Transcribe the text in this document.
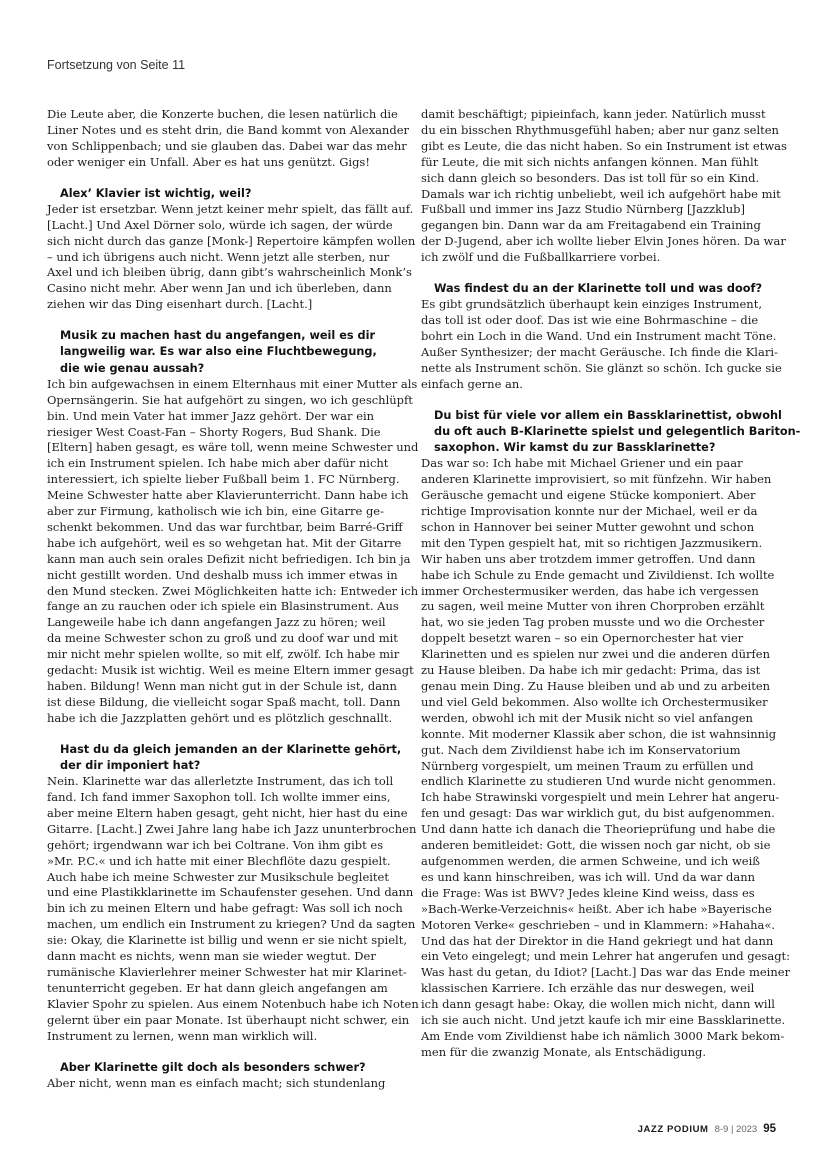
Fortsetzung von Seite 11
Die Leute aber, die Konzerte buchen, die lesen natürlich die
Liner Notes und es steht drin, die Band kommt von Alexander
von Schlippenbach; und sie glauben das. Dabei war das mehr
oder weniger ein Unfall. Aber es hat uns genützt. Gigs!
Alex’ Klavier ist wichtig, weil?
Jeder ist ersetzbar. Wenn jetzt keiner mehr spielt, das fällt auf.
[Lacht.] Und Axel Dörner solo, würde ich sagen, der würde
sich nicht durch das ganze [Monk-] Repertoire kämpfen wollen
– und ich übrigens auch nicht. Wenn jetzt alle sterben, nur
Axel und ich bleiben übrig, dann gibt’s wahrscheinlich Monk’s
Casino nicht mehr. Aber wenn Jan und ich überleben, dann
ziehen wir das Ding eisenhart durch. [Lacht.]
Musik zu machen hast du angefangen, weil es dir
langweilig war. Es war also eine Fluchtbewegung,
die wie genau aussah?
Ich bin aufgewachsen in einem Elternhaus mit einer Mutter als
Opernsängerin. Sie hat aufgehört zu singen, wo ich geschlüpft
bin. Und mein Vater hat immer Jazz gehört. Der war ein
riesiger West Coast-Fan – Shorty Rogers, Bud Shank. Die
[Eltern] haben gesagt, es wäre toll, wenn meine Schwester und
ich ein Instrument spielen. Ich habe mich aber dafür nicht
interessiert, ich spielte lieber Fußball beim 1. FC Nürnberg.
Meine Schwester hatte aber Klavierunterricht. Dann habe ich
aber zur Firmung, katholisch wie ich bin, eine Gitarre ge-
schenkt bekommen. Und das war furchtbar, beim Barré-Griff
habe ich aufgehört, weil es so wehgetan hat. Mit der Gitarre
kann man auch sein orales Defizit nicht befriedigen. Ich bin ja
nicht gestillt worden. Und deshalb muss ich immer etwas in
den Mund stecken. Zwei Möglichkeiten hatte ich: Entweder ich
fange an zu rauchen oder ich spiele ein Blasinstrument. Aus
Langeweile habe ich dann angefangen Jazz zu hören; weil
da meine Schwester schon zu groß und zu doof war und mit
mir nicht mehr spielen wollte, so mit elf, zwölf. Ich habe mir
gedacht: Musik ist wichtig. Weil es meine Eltern immer gesagt
haben. Bildung! Wenn man nicht gut in der Schule ist, dann
ist diese Bildung, die vielleicht sogar Spaß macht, toll. Dann
habe ich die Jazzplatten gehört und es plötzlich geschnallt.
Hast du da gleich jemanden an der Klarinette gehört,
der dir imponiert hat?
Nein. Klarinette war das allerletzte Instrument, das ich toll
fand. Ich fand immer Saxophon toll. Ich wollte immer eins,
aber meine Eltern haben gesagt, geht nicht, hier hast du eine
Gitarre. [Lacht.] Zwei Jahre lang habe ich Jazz ununterbrochen
gehört; irgendwann war ich bei Coltrane. Von ihm gibt es
»Mr. P.C.« und ich hatte mit einer Blechflöte dazu gespielt.
Auch habe ich meine Schwester zur Musikschule begleitet
und eine Plastikklarinette im Schaufenster gesehen. Und dann
bin ich zu meinen Eltern und habe gefragt: Was soll ich noch
machen, um endlich ein Instrument zu kriegen? Und da sagten
sie: Okay, die Klarinette ist billig und wenn er sie nicht spielt,
dann macht es nichts, wenn man sie wieder wegtut. Der
rumänische Klavierlehrer meiner Schwester hat mir Klarinet-
tenunterricht gegeben. Er hat dann gleich angefangen am
Klavier Spohr zu spielen. Aus einem Notenbuch habe ich Noten
gelernt über ein paar Monate. Ist überhaupt nicht schwer, ein
Instrument zu lernen, wenn man wirklich will.
Aber Klarinette gilt doch als besonders schwer?
Aber nicht, wenn man es einfach macht; sich stundenlang
damit beschäftigt; pipieinfach, kann jeder. Natürlich musst
du ein bisschen Rhythmusgefühl haben; aber nur ganz selten
gibt es Leute, die das nicht haben. So ein Instrument ist etwas
für Leute, die mit sich nichts anfangen können. Man fühlt
sich dann gleich so besonders. Das ist toll für so ein Kind.
Damals war ich richtig unbeliebt, weil ich aufgehört habe mit
Fußball und immer ins Jazz Studio Nürnberg [Jazzklub]
gegangen bin. Dann war da am Freitagabend ein Training
der D-Jugend, aber ich wollte lieber Elvin Jones hören. Da war
ich zwölf und die Fußballkarriere vorbei.
Was findest du an der Klarinette toll und was doof?
Es gibt grundsätzlich überhaupt kein einziges Instrument,
das toll ist oder doof. Das ist wie eine Bohrmaschine – die
bohrt ein Loch in die Wand. Und ein Instrument macht Töne.
Außer Synthesizer; der macht Geräusche. Ich finde die Klari-
nette als Instrument schön. Sie glänzt so schön. Ich gucke sie
einfach gerne an.
Du bist für viele vor allem ein Bassklarinettist, obwohl
du oft auch B-Klarinette spielst und gelegentlich Bariton-
saxophon. Wir kamst du zur Bassklarinette?
Das war so: Ich habe mit Michael Griener und ein paar
anderen Klarinette improvisiert, so mit fünfzehn. Wir haben
Geräusche gemacht und eigene Stücke komponiert. Aber
richtige Improvisation konnte nur der Michael, weil er da
schon in Hannover bei seiner Mutter gewohnt und schon
mit den Typen gespielt hat, mit so richtigen Jazzmusikern.
Wir haben uns aber trotzdem immer getroffen. Und dann
habe ich Schule zu Ende gemacht und Zivildienst. Ich wollte
immer Orchestermusiker werden, das habe ich vergessen
zu sagen, weil meine Mutter von ihren Chorproben erzählt
hat, wo sie jeden Tag proben musste und wo die Orchester
doppelt besetzt waren – so ein Opernorchester hat vier
Klarinetten und es spielen nur zwei und die anderen dürfen
zu Hause bleiben. Da habe ich mir gedacht: Prima, das ist
genau mein Ding. Zu Hause bleiben und ab und zu arbeiten
und viel Geld bekommen. Also wollte ich Orchestermusiker
werden, obwohl ich mit der Musik nicht so viel anfangen
konnte. Mit moderner Klassik aber schon, die ist wahnsinnig
gut. Nach dem Zivildienst habe ich im Konservatorium
Nürnberg vorgespielt, um meinen Traum zu erfüllen und
endlich Klarinette zu studieren Und wurde nicht genommen.
Ich habe Strawinski vorgespielt und mein Lehrer hat angeru-
fen und gesagt: Das war wirklich gut, du bist aufgenommen.
Und dann hatte ich danach die Theorieprüfung und habe die
anderen bemitleidet: Gott, die wissen noch gar nicht, ob sie
aufgenommen werden, die armen Schweine, und ich weiß
es und kann hinschreiben, was ich will. Und da war dann
die Frage: Was ist BWV? Jedes kleine Kind weiss, dass es
»Bach-Werke-Verzeichnis« heißt. Aber ich habe »Bayerische
Motoren Verke« geschrieben – und in Klammern: »Hahaha«.
Und das hat der Direktor in die Hand gekriegt und hat dann
ein Veto eingelegt; und mein Lehrer hat angerufen und gesagt:
Was hast du getan, du Idiot? [Lacht.] Das war das Ende meiner
klassischen Karriere. Ich erzähle das nur deswegen, weil
ich dann gesagt habe: Okay, die wollen mich nicht, dann will
ich sie auch nicht. Und jetzt kaufe ich mir eine Bassklarinette.
Am Ende vom Zivildienst habe ich nämlich 3000 Mark bekom-
men für die zwanzig Monate, als Entschädigung.
JAZZ PODIUM 8-9 | 2023 95
